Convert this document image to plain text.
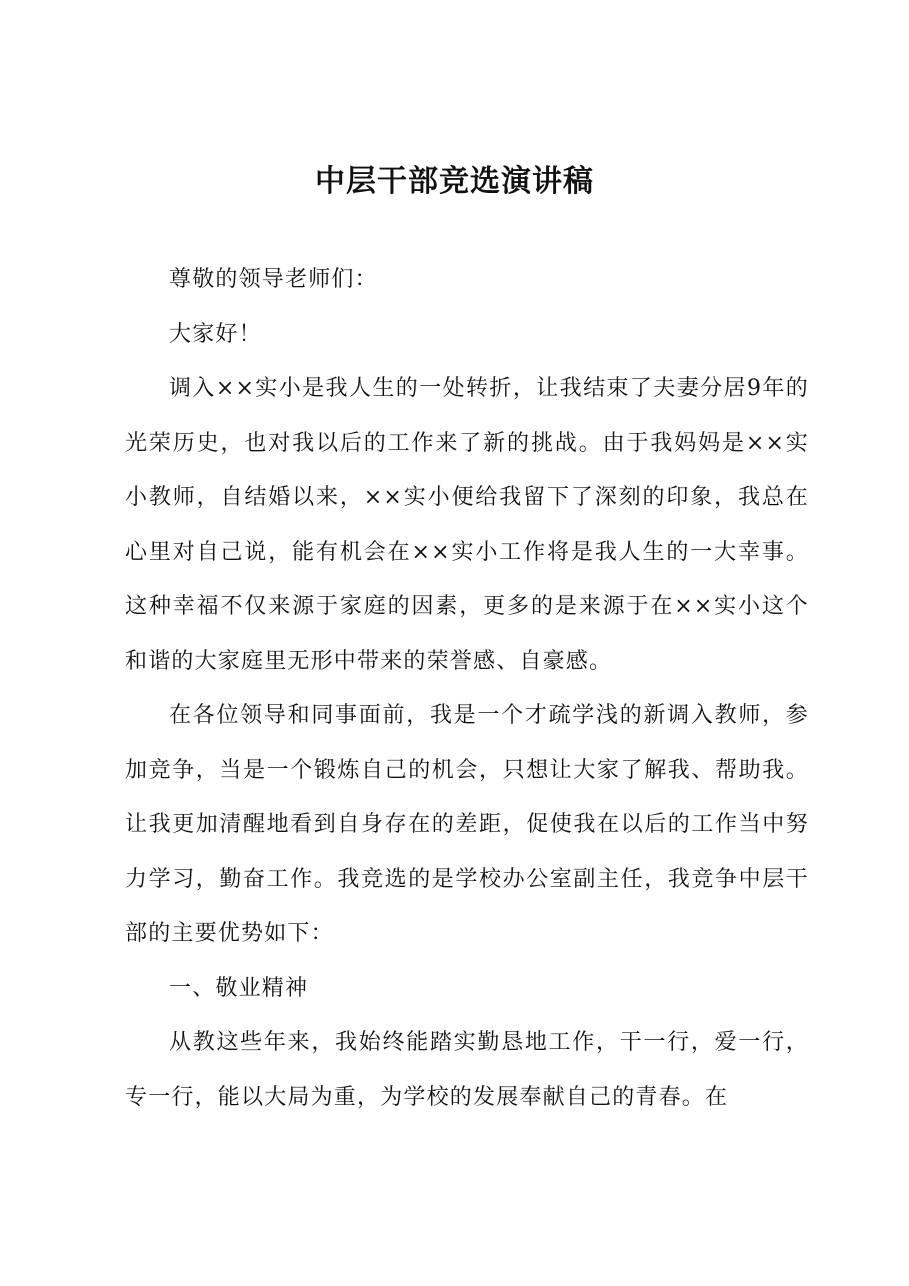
中层干部竞选演讲稿

尊敬的领导老师们：

大家好！

调入××实小是我人生的一处转折，让我结束了夫妻分居9年的光荣历史，也对我以后的工作来了新的挑战。由于我妈妈是××实小教师，自结婚以来，××实小便给我留下了深刻的印象，我总在心里对自己说，能有机会在××实小工作将是我人生的一大幸事。这种幸福不仅来源于家庭的因素，更多的是来源于在××实小这个和谐的大家庭里无形中带来的荣誉感、自豪感。

在各位领导和同事面前，我是一个才疏学浅的新调入教师，参加竞争，当是一个锻炼自己的机会，只想让大家了解我、帮助我。让我更加清醒地看到自身存在的差距，促使我在以后的工作当中努力学习，勤奋工作。我竞选的是学校办公室副主任，我竞争中层干部的主要优势如下：

一、敬业精神

从教这些年来，我始终能踏实勤恳地工作，干一行，爱一行，专一行，能以大局为重，为学校的发展奉献自己的青春。在
